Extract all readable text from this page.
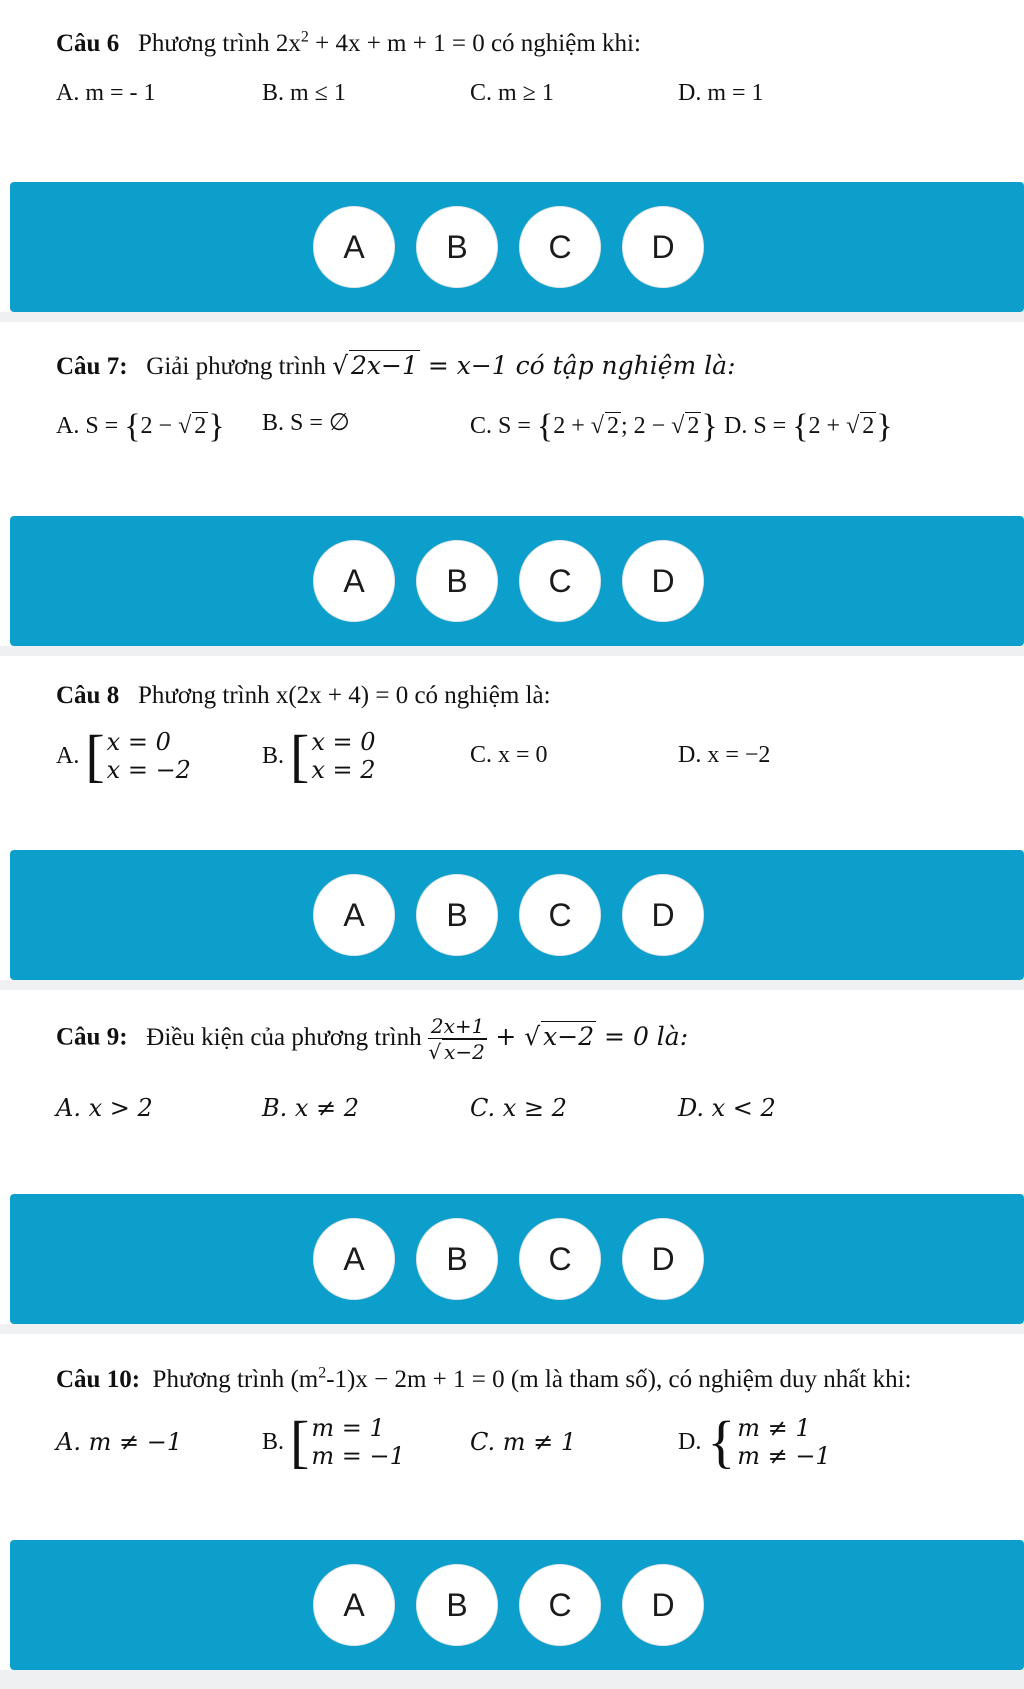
Câu 6 Phương trình $2x^2 + 4x + m + 1 = 0$ có nghiệm khi:
A. m = - 1	B. m ≤ 1	C. m ≥ 1	D. m = 1
A	B	C	D
Câu 7: Giải phương trình √ 2x−1 = x−1 có tập nghiệm là:
A. S = {2 − √ 2} B. S = ∅	C. S = {2 + √ 2; 2 − √ 2} D. S = {2 + √ 2}
A	B	C	D
Câu 8 Phương trình x(2x + 4) = 0 có nghiệm là:
A.
[ x = 0
x = −2
B.
[ x = 0
x = 2
C. x = 0	D. x = −2
A	B	C	D
Câu 9: Điều kiện của phương trình $\frac{2x+1}{√ x-2}$ + √ x−2 = 0 là:
A. x > 2	B. x ≠ 2	C. x ≥ 2	D. x < 2
A	B	C	D
Câu 10: Phương trình $(m^2-1)x - 2m + 1 = 0$ (m là tham số), có nghiệm duy nhất khi:
A. m ≠ −1	B.
[ m = 1
m = −1	C. m ≠ 1	D.
{ m ≠ 1
m ≠ −1
A	B	C	D
